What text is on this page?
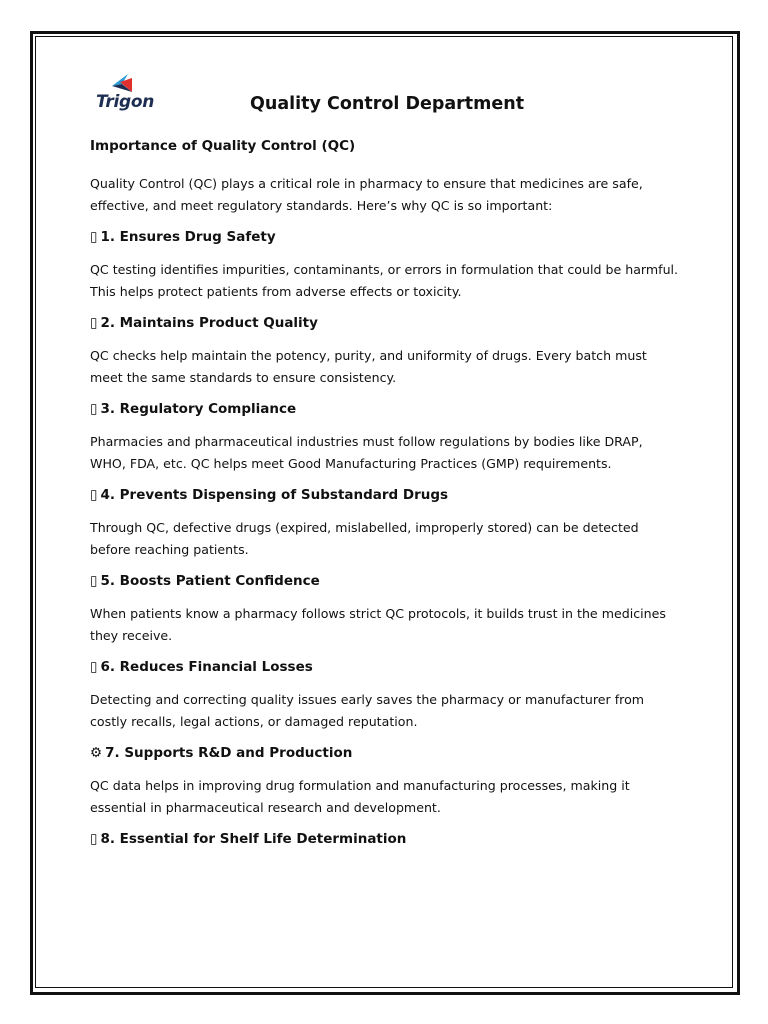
Trigon	Quality Control Department
Importance of Quality Control (QC)

Quality Control (QC) plays a critical role in pharmacy to ensure that medicines are safe, effective, and meet regulatory standards. Here’s why QC is so important:

▯ 1. Ensures Drug Safety

QC testing identifies impurities, contaminants, or errors in formulation that could be harmful. This helps protect patients from adverse effects or toxicity.

▯ 2. Maintains Product Quality

QC checks help maintain the potency, purity, and uniformity of drugs. Every batch must meet the same standards to ensure consistency.

▯ 3. Regulatory Compliance

Pharmacies and pharmaceutical industries must follow regulations by bodies like DRAP, WHO, FDA, etc. QC helps meet Good Manufacturing Practices (GMP) requirements.

▯ 4. Prevents Dispensing of Substandard Drugs

Through QC, defective drugs (expired, mislabelled, improperly stored) can be detected before reaching patients.

▯ 5. Boosts Patient Confidence

When patients know a pharmacy follows strict QC protocols, it builds trust in the medicines they receive.

▯ 6. Reduces Financial Losses

Detecting and correcting quality issues early saves the pharmacy or manufacturer from costly recalls, legal actions, or damaged reputation.

⚙ 7. Supports R&D and Production

QC data helps in improving drug formulation and manufacturing processes, making it essential in pharmaceutical research and development.

▯ 8. Essential for Shelf Life Determination
